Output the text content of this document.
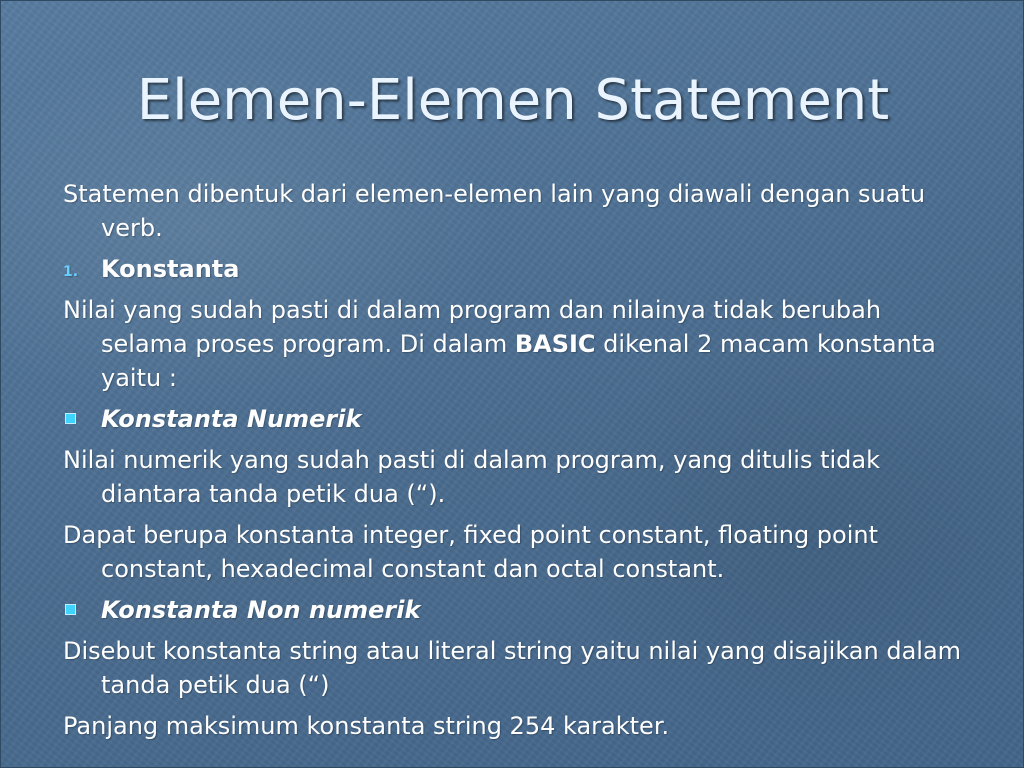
Elemen-Elemen Statement
Statemen dibentuk dari elemen-elemen lain yang diawali dengan suatu verb.
1. Konstanta
Nilai yang sudah pasti di dalam program dan nilainya tidak berubah selama proses program. Di dalam BASIC dikenal 2 macam konstanta yaitu :
Konstanta Numerik
Nilai numerik yang sudah pasti di dalam program, yang ditulis tidak diantara tanda petik dua (“).
Dapat berupa konstanta integer, fixed point constant, floating point constant, hexadecimal constant dan octal constant.
Konstanta Non numerik
Disebut konstanta string atau literal string yaitu nilai yang disajikan dalam tanda petik dua (“)
Panjang maksimum konstanta string 254 karakter.
